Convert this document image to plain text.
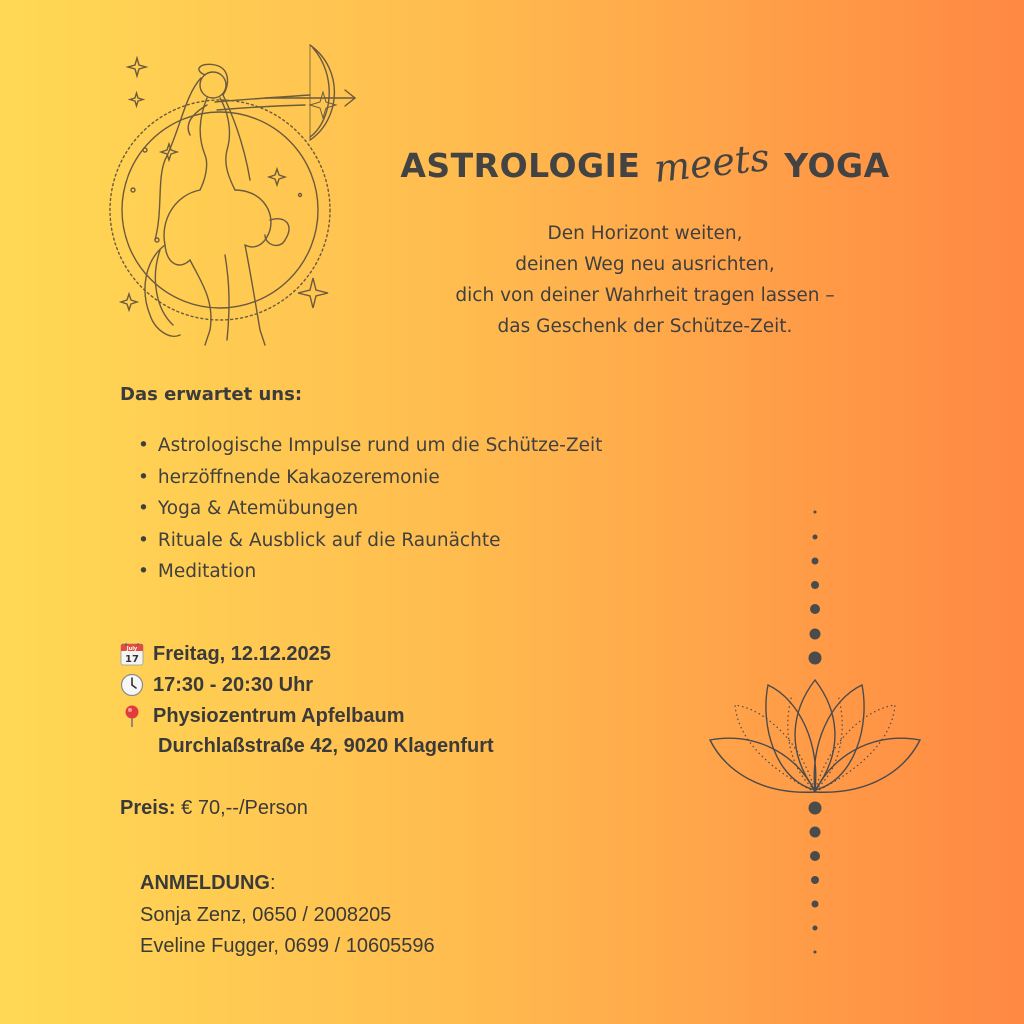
ASTROLOGIE meets YOGA
Den Horizont weiten,
deinen Weg neu ausrichten,
dich von deiner Wahrheit tragen lassen –
das Geschenk der Schütze-Zeit.
Das erwartet uns:
• Astrologische Impulse rund um die Schütze-Zeit
• herzöffnende Kakaozeremonie
• Yoga & Atemübungen
• Rituale & Ausblick auf die Raunächte
• Meditation
July
17 Freitag, 12.12.2025
17:30 - 20:30 Uhr
Physiozentrum Apfelbaum
Durchlaßstraße 42, 9020 Klagenfurt
Preis: € 70,--/Person
ANMELDUNG:
Sonja Zenz, 0650 / 2008205
Eveline Fugger, 0699 / 10605596
